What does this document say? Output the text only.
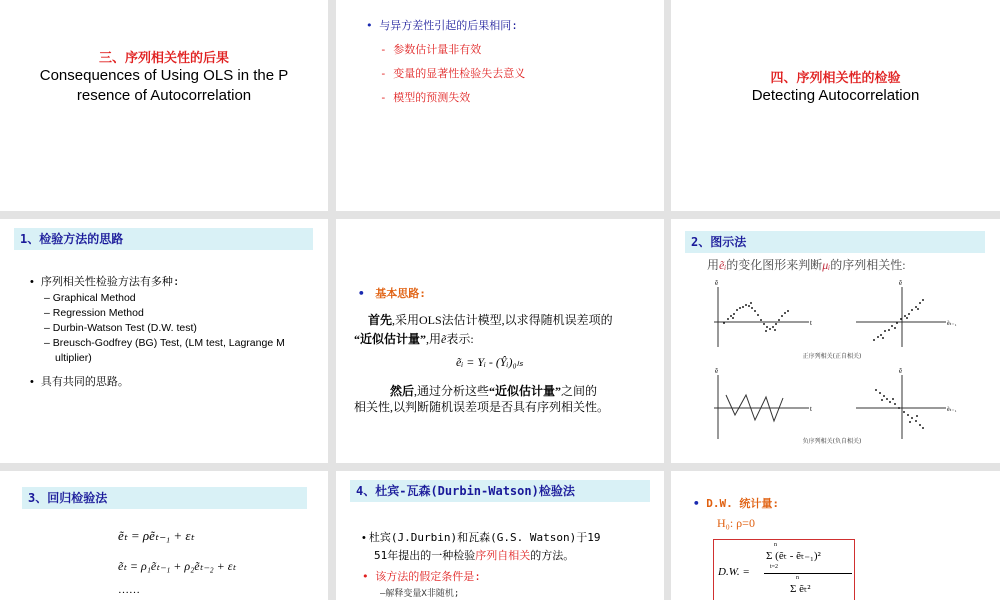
三、序列相关性的后果
Consequences of Using OLS in the P
resence of Autocorrelation
• 与异方差性引起的后果相同:
- 参数估计量非有效
- 变量的显著性检验失去意义
- 模型的预测失效
四、序列相关性的检验
Detecting Autocorrelation
1、检验方法的思路
• 序列相关性检验方法有多种:
– Graphical Method
– Regression Method
– Durbin-Watson Test (D.W. test)
– Breusch-Godfrey (BG) Test, (LM test, Lagrange M
ultiplier)
• 具有共同的思路。
• 基本思路:
首先,采用OLS法估计模型,以求得随机误差项的
“近似估计量”,用ẽ表示:
ẽᵢ = Yᵢ - (Ŷᵢ)₀ₗₛ
然后,通过分析这些“近似估计量”之间的
相关性,以判断随机误差项是否具有序列相关性。
2、图示法
用ẽᵢ的变化图形来判断μᵢ的序列相关性:
ẽ
t
ẽ
ẽₜ₋₁
正序列相关(正自相关)
ẽ
t
ẽ
ẽₜ₋₁
负序列相关(负自相关)
3、回归检验法
ẽₜ = ρẽₜ₋₁ + εₜ
ẽₜ = ρ₁ẽₜ₋₁ + ρ₂ẽₜ₋₂ + εₜ
……
4、杜宾-瓦森(Durbin-Watson)检验法
• 杜宾(J.Durbin)和瓦森(G.S. Watson)于19
51年提出的一种检验序列自相关的方法。
• 该方法的假定条件是:
–解释变量X非随机;
• D.W. 统计量:
H₀: ρ=0
D.W. =
n
Σ (ẽₜ - ẽₜ₋₁)²
t=2
n
Σ ẽₜ²
